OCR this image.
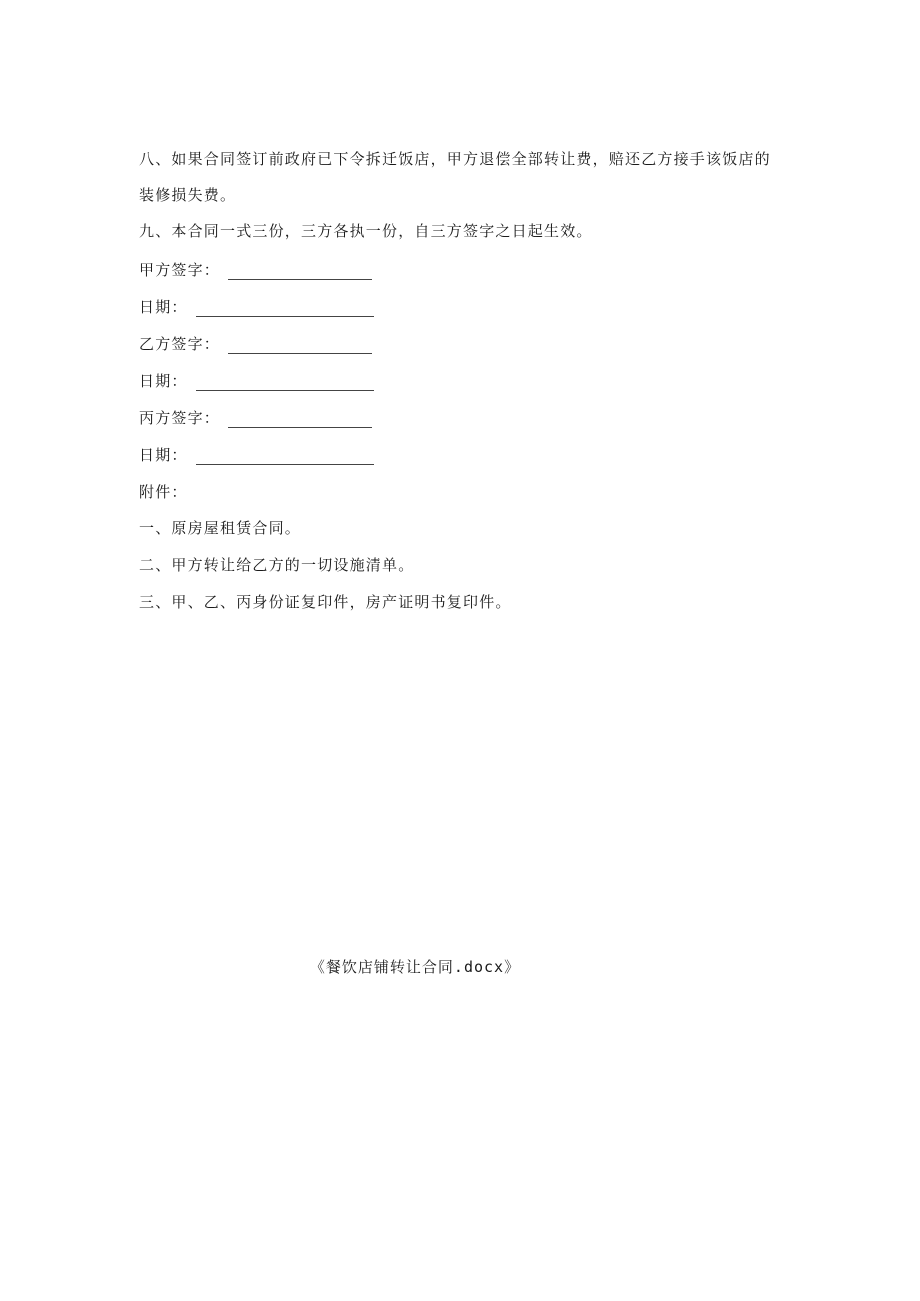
八、如果合同签订前政府已下令拆迁饭店，甲方退偿全部转让费，赔还乙方接手该饭店的装修损失费。

九、本合同一式三份，三方各执一份，自三方签字之日起生效。

甲方签字：
日期：
乙方签字：
日期：
丙方签字：
日期：
附件：
一、原房屋租赁合同。
二、甲方转让给乙方的一切设施清单。
三、甲、乙、丙身份证复印件，房产证明书复印件。
《餐饮店铺转让合同.docx》
